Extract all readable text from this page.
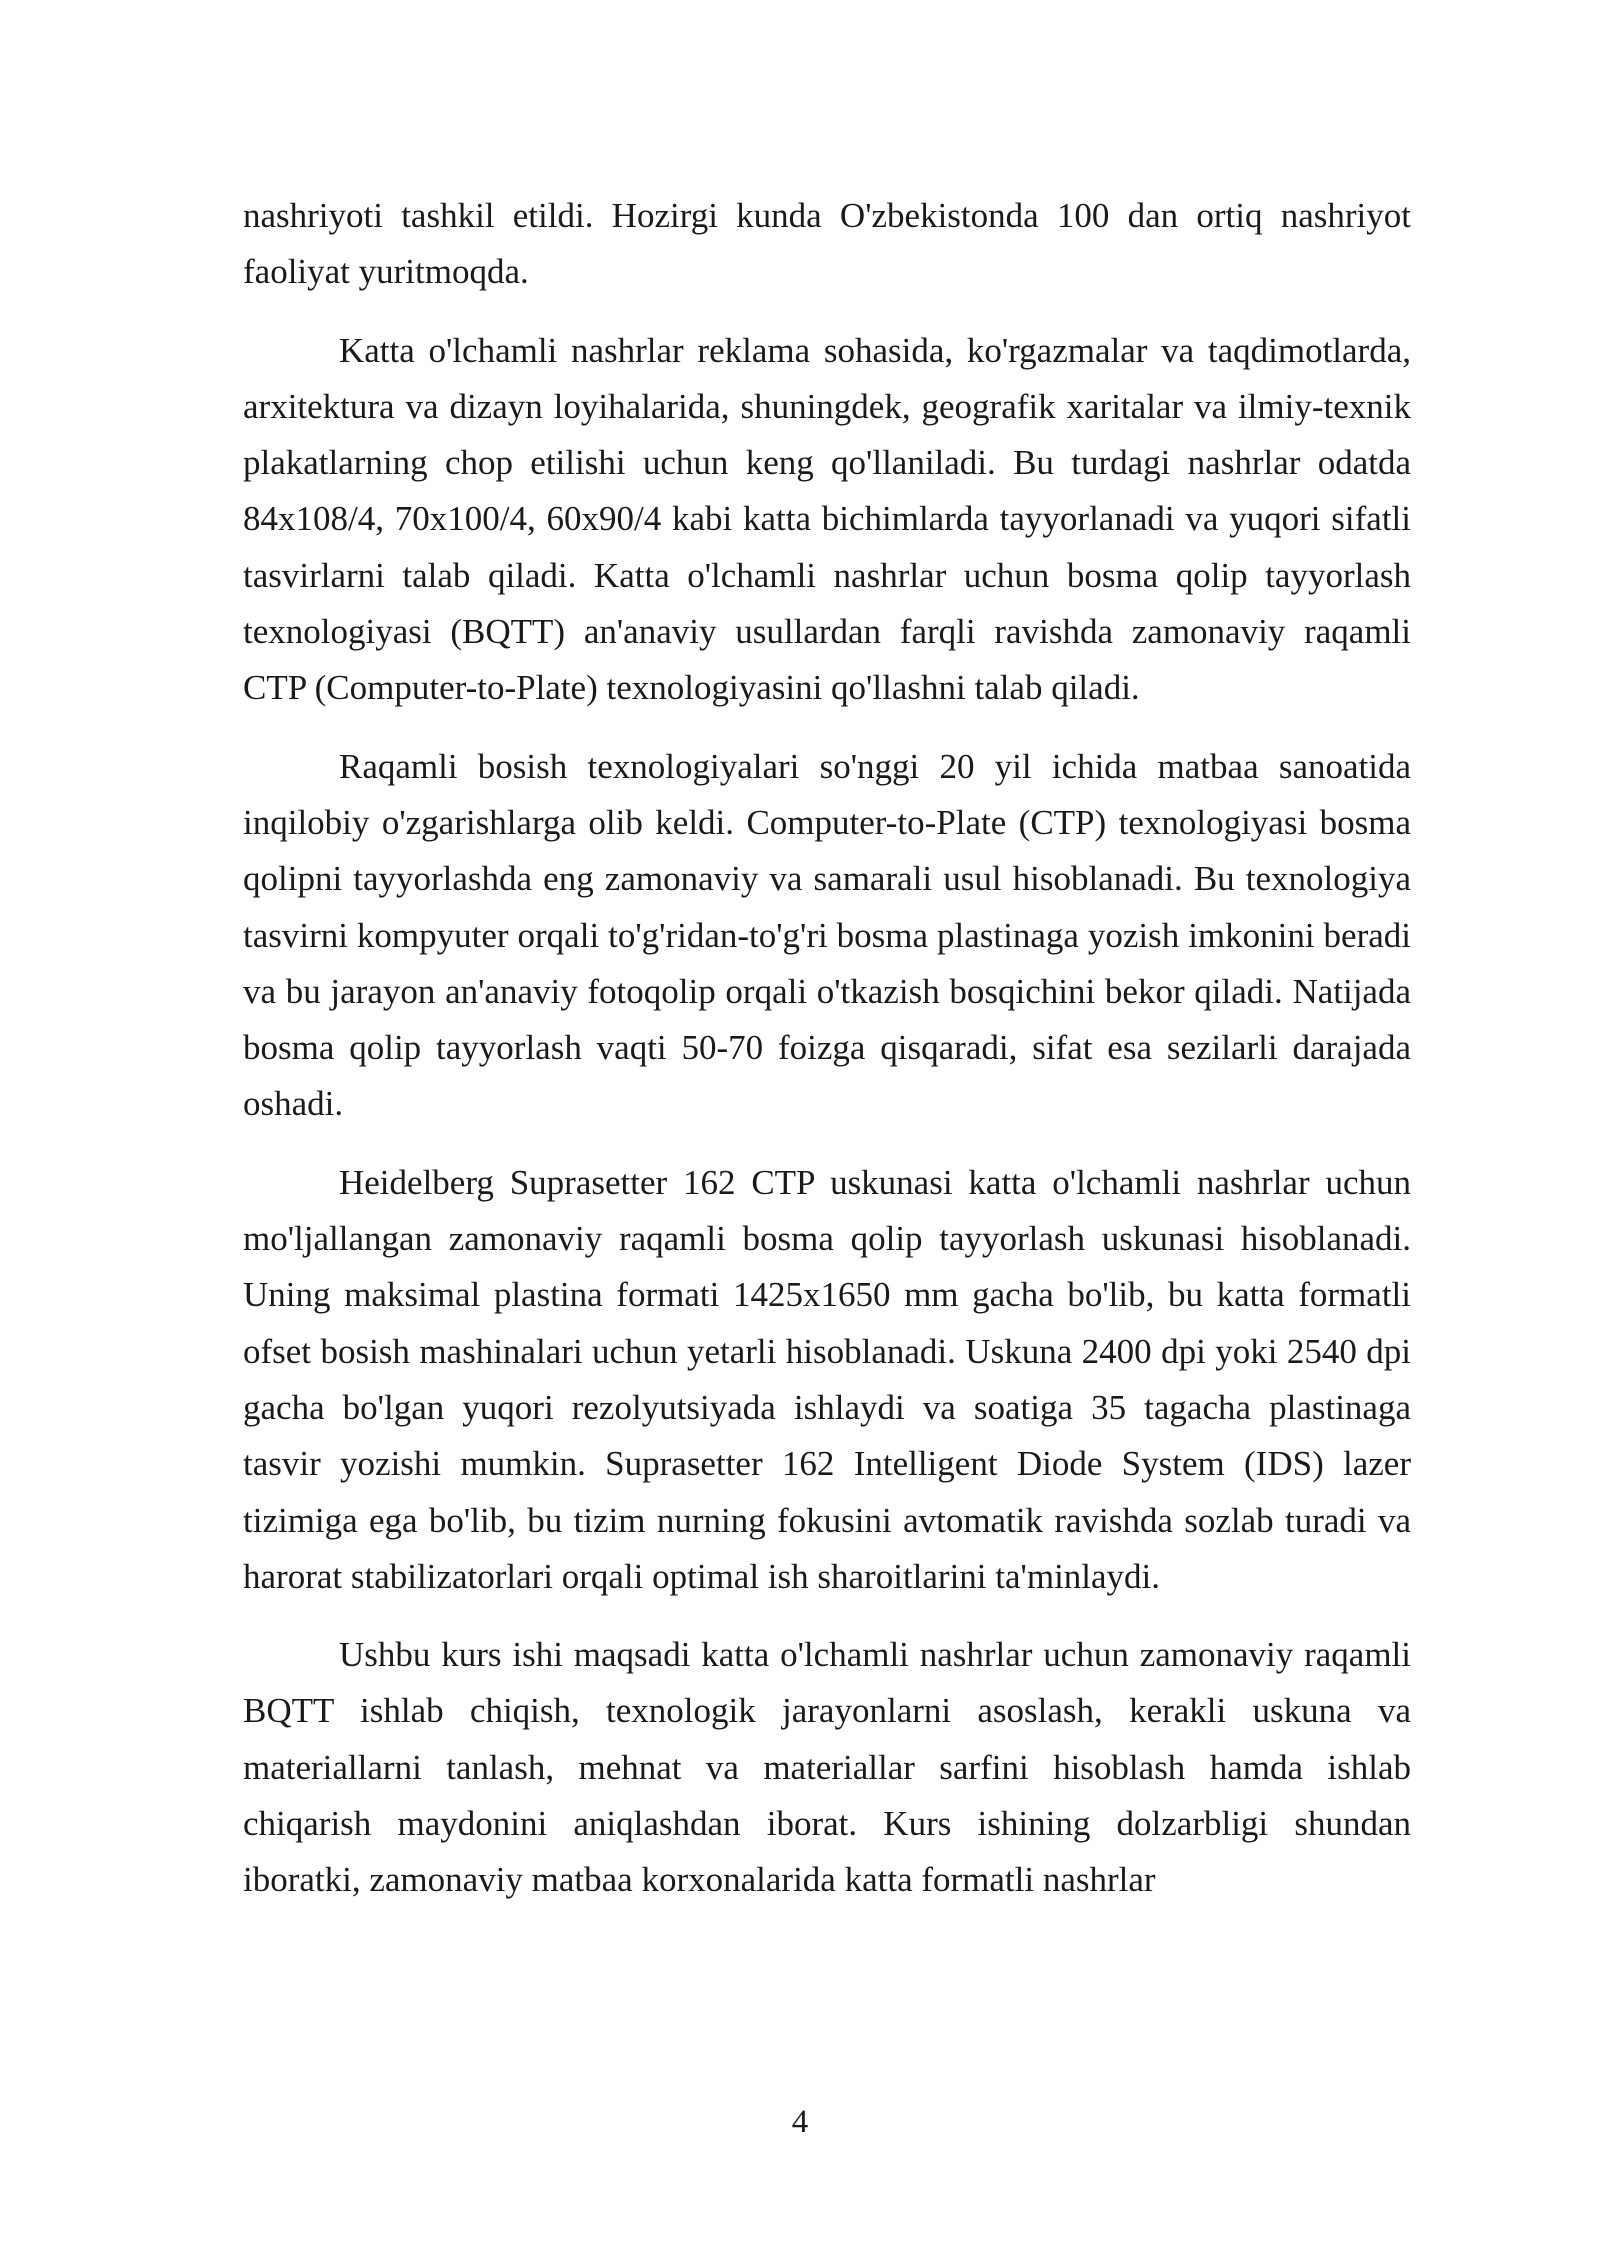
nashriyoti tashkil etildi. Hozirgi kunda O'zbekistonda 100 dan ortiq nashriyot faoliyat yuritmoqda.

Katta o'lchamli nashrlar reklama sohasida, ko'rgazmalar va taqdimotlarda, arxitektura va dizayn loyihalarida, shuningdek, geografik xaritalar va ilmiy-texnik plakatlarning chop etilishi uchun keng qo'llaniladi. Bu turdagi nashrlar odatda 84x108/4, 70x100/4, 60x90/4 kabi katta bichimlarda tayyorlanadi va yuqori sifatli tasvirlarni talab qiladi. Katta o'lchamli nashrlar uchun bosma qolip tayyorlash texnologiyasi (BQTT) an'anaviy usullardan farqli ravishda zamonaviy raqamli CTP (Computer-to-Plate) texnologiyasini qo'llashni talab qiladi.

Raqamli bosish texnologiyalari so'nggi 20 yil ichida matbaa sanoatida inqilobiy o'zgarishlarga olib keldi. Computer-to-Plate (CTP) texnologiyasi bosma qolipni tayyorlashda eng zamonaviy va samarali usul hisoblanadi. Bu texnologiya tasvirni kompyuter orqali to'g'ridan-to'g'ri bosma plastinaga yozish imkonini beradi va bu jarayon an'anaviy fotoqolip orqali o'tkazish bosqichini bekor qiladi. Natijada bosma qolip tayyorlash vaqti 50-70 foizga qisqaradi, sifat esa sezilarli darajada oshadi.

Heidelberg Suprasetter 162 CTP uskunasi katta o'lchamli nashrlar uchun mo'ljallangan zamonaviy raqamli bosma qolip tayyorlash uskunasi hisoblanadi. Uning maksimal plastina formati 1425x1650 mm gacha bo'lib, bu katta formatli ofset bosish mashinalari uchun yetarli hisoblanadi. Uskuna 2400 dpi yoki 2540 dpi gacha bo'lgan yuqori rezolyutsiyada ishlaydi va soatiga 35 tagacha plastinaga tasvir yozishi mumkin. Suprasetter 162 Intelligent Diode System (IDS) lazer tizimiga ega bo'lib, bu tizim nurning fokusini avtomatik ravishda sozlab turadi va harorat stabilizatorlari orqali optimal ish sharoitlarini ta'minlaydi.

Ushbu kurs ishi maqsadi katta o'lchamli nashrlar uchun zamonaviy raqamli BQTT ishlab chiqish, texnologik jarayonlarni asoslash, kerakli uskuna va materiallarni tanlash, mehnat va materiallar sarfini hisoblash hamda ishlab chiqarish maydonini aniqlashdan iborat. Kurs ishining dolzarbligi shundan iboratki, zamonaviy matbaa korxonalarida katta formatli nashrlar

4
